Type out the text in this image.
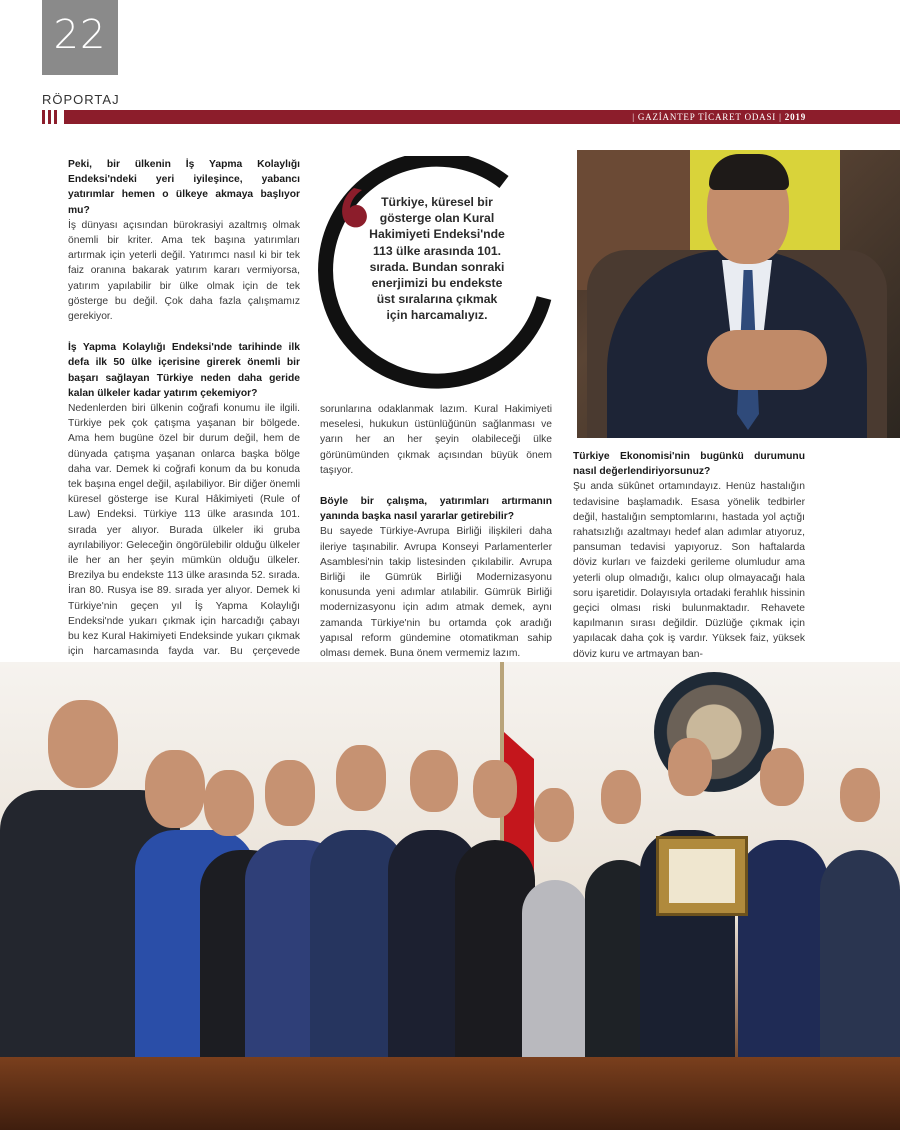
22
RÖPORTAJ
| GAZİANTEP TİCARET ODASI | 2019

Peki, bir ülkenin İş Yapma Kolaylığı Endeksi'ndeki yeri iyileşince, yabancı yatırımlar hemen o ülkeye akmaya başlıyor mu?

İş dünyası açısından bürokrasiyi azaltmış olmak önemli bir kriter. Ama tek başına yatırımları artırmak için yeterli değil. Yatırımcı nasıl ki bir tek faiz oranına bakarak yatırım kararı vermiyorsa, yatırım yapılabilir bir ülke olmak için de tek gösterge bu değil. Çok daha fazla çalışmamız gerekiyor.

İş Yapma Kolaylığı Endeksi'nde tarihinde ilk defa ilk 50 ülke içerisine girerek önemli bir başarı sağlayan Türkiye neden daha geride kalan ülkeler kadar yatırım çekemiyor?

Nedenlerden biri ülkenin coğrafi konumu ile ilgili. Türkiye pek çok çatışma yaşanan bir bölgede. Ama hem bugüne özel bir durum değil, hem de dünyada çatışma yaşanan onlarca başka bölge daha var. Demek ki coğrafi konum da bu konuda tek başına engel değil, aşılabiliyor. Bir diğer önemli küresel gösterge ise Kural Hâkimiyeti (Rule of Law) Endeksi. Türkiye 113 ülke arasında 101. sırada yer alıyor. Burada ülkeler iki gruba ayrılabiliyor: Geleceğin öngörülebilir olduğu ülkeler ile her an her şeyin mümkün olduğu ülkeler. Brezilya bu endekste 113 ülke arasında 52. sırada. İran 80. Rusya ise 89. sırada yer alıyor. Demek ki Türkiye'nin geçen yıl İş Yapma Kolaylığı Endeksi'nde yukarı çıkmak için harcadığı çabayı bu kez Kural Hakimiyeti Endeksinde yukarı çıkmak için harcamasında fayda var. Bu çerçevede

Türkiye, küresel bir gösterge olan Kural Hakimiyeti Endeksi'nde 113 ülke arasında 101. sırada. Bundan sonraki enerjimizi bu endekste üst sıralarına çıkmak için harcamalıyız.

sorunlarına odaklanmak lazım. Kural Hakimiyeti meselesi, hukukun üstünlüğünün sağlanması ve yarın her an her şeyin olabileceği ülke görünümünden çıkmak açısından büyük önem taşıyor.

Böyle bir çalışma, yatırımları artırmanın yanında başka nasıl yararlar getirebilir?

Bu sayede Türkiye-Avrupa Birliği ilişkileri daha ileriye taşınabilir. Avrupa Konseyi Parlamenterler Asamblesi'nin takip listesinden çıkılabilir. Avrupa Birliği ile Gümrük Birliği Modernizasyonu konusunda yeni adımlar atılabilir. Gümrük Birliği modernizasyonu için adım atmak demek, aynı zamanda Türkiye'nin bu ortamda çok aradığı yapısal reform gündemine otomatikman sahip olması demek. Buna önem vermemiz lazım.

Türkiye Ekonomisi'nin bugünkü durumunu nasıl değerlendiriyorsunuz?

Şu anda sükûnet ortamındayız. Henüz hastalığın tedavisine başlamadık. Esasa yönelik tedbirler değil, hastalığın semptomlarını, hastada yol açtığı rahatsızlığı azaltmayı hedef alan adımlar atıyoruz, pansuman tedavisi yapıyoruz. Son haftalarda döviz kurları ve faizdeki gerileme olumludur ama yeterli olup olmadığı, kalıcı olup olmayacağı hala soru işaretidir. Dolayısıyla ortadaki ferahlık hissinin geçici olması riski bulunmaktadır. Rehavete kapılmanın sırası değildir. Düzlüğe çıkmak için yapılacak daha çok iş vardır. Yüksek faiz, yüksek döviz kuru ve artmayan ban-
